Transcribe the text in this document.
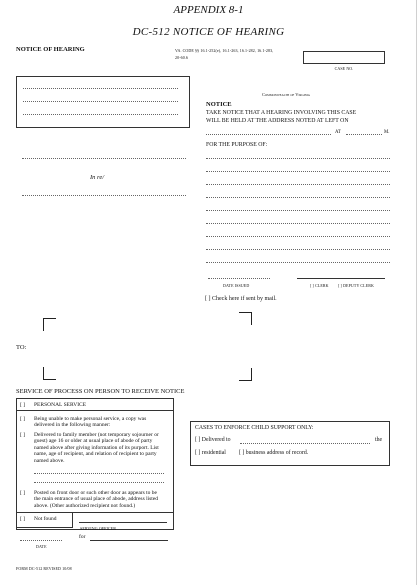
APPENDIX 8-1
DC-512 NOTICE OF HEARING
NOTICE OF HEARING	VA. CODE §§ 16.1-252(e), 16.1-263, 16.1-282, 16.1-283, 20-60.6
CASE NO.
In re/
Commonwealth of Virginia
NOTICE
TAKE NOTICE THAT A HEARING INVOLVING THIS CASE
WILL BE HELD AT THE ADDRESS NOTED AT LEFT ON
AT	M.
FOR THE PURPOSE OF:
DATE ISSUED	[ ] CLERK [ ] DEPUTY CLERK
[ ] Check here if sent by mail.
TO:
SERVICE OF PROCESS ON PERSON TO RECEIVE NOTICE
[ ] PERSONAL SERVICE
[ ] Being unable to make personal service, a copy was
delivered in the following manner:
[ ] Delivered to family member (not temporary sojourner or
guest) age 16 or older at usual place of abode of party
named above after giving information of its purport. List
name, age of recipient, and relation of recipient to party
named above.
[ ] Posted on front door or such other door as appears to be
the main entrance of usual place of abode, address listed
above. (Other authorized recipient not found.)
[ ] Not found
SERVING OFFICER
for
DATE
CASES TO ENFORCE CHILD SUPPORT ONLY:
[ ] Delivered to	the
[ ] residential [ ] business address of record.
FORM DC-512 REVISED 10/08
